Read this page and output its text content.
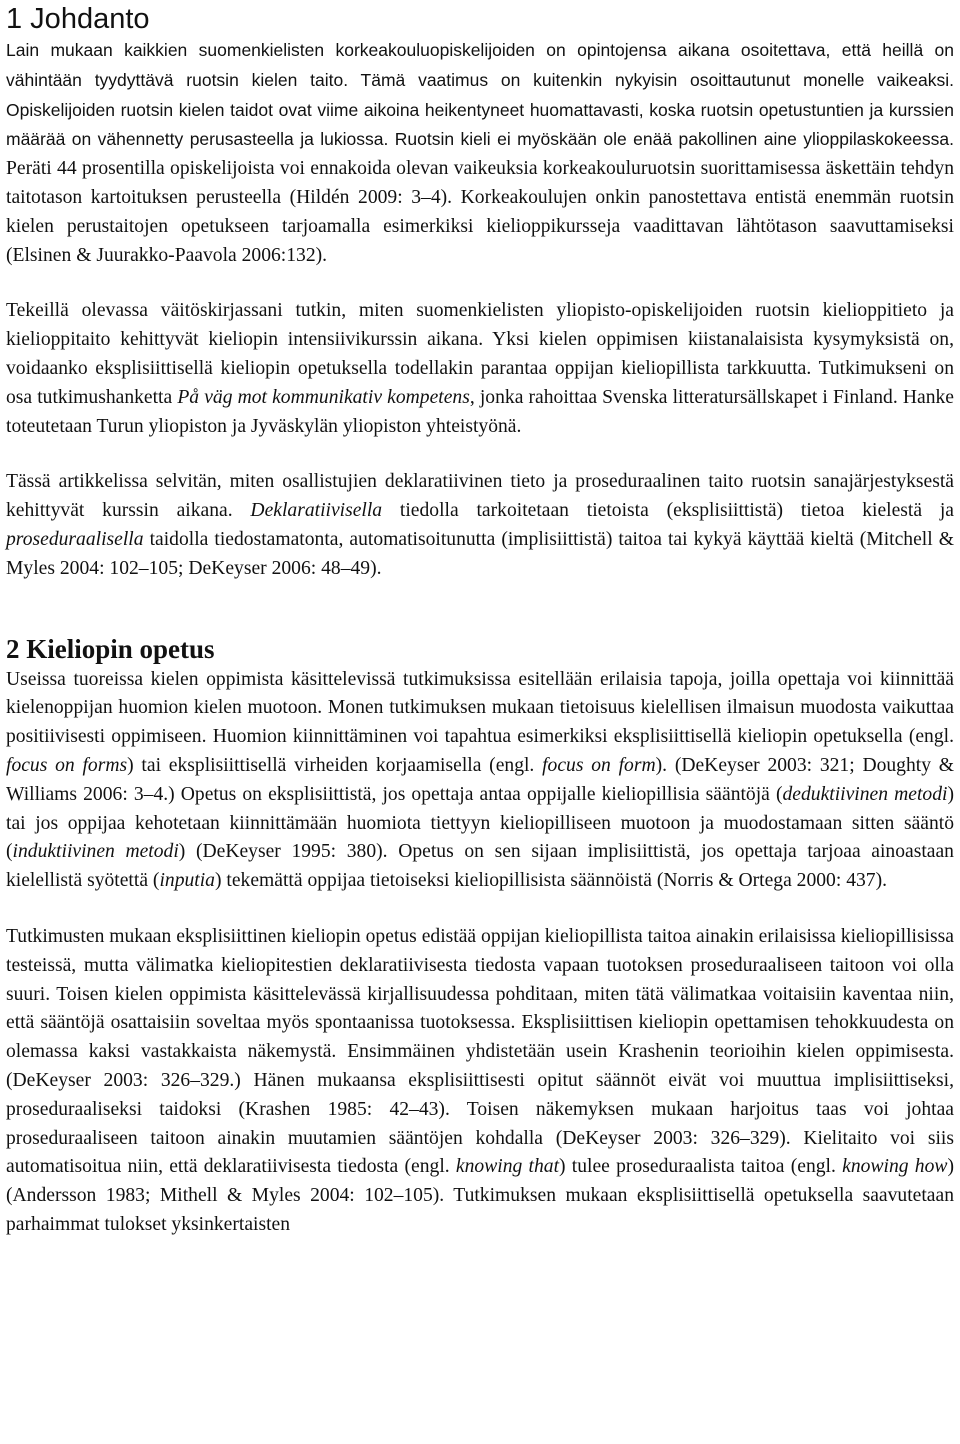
1 Johdanto

Lain mukaan kaikkien suomenkielisten korkeakouluopiskelijoiden on opintojensa aikana osoitettava, että heillä on vähintään tyydyttävä ruotsin kielen taito. Tämä vaatimus on kuitenkin nykyisin osoittautunut monelle vaikeaksi. Opiskelijoiden ruotsin kielen taidot ovat viime aikoina heikentyneet huomattavasti, koska ruotsin opetustuntien ja kurssien määrää on vähennetty perusasteella ja lukiossa. Ruotsin kieli ei myöskään ole enää pakollinen aine ylioppilaskokeessa. Peräti 44 prosentilla opiskelijoista voi ennakoida olevan vaikeuksia korkeakouluruotsin suorittamisessa äskettäin tehdyn taitotason kartoituksen perusteella (Hildén 2009: 3–4). Korkeakoulujen onkin panostettava entistä enemmän ruotsin kielen perustaitojen opetukseen tarjoamalla esimerkiksi kielioppikursseja vaadittavan lähtötason saavuttamiseksi (Elsinen & Juurakko-Paavola 2006:132).

Tekeillä olevassa väitöskirjassani tutkin, miten suomenkielisten yliopisto-opiskelijoiden ruotsin kielioppitieto ja kielioppitaito kehittyvät kieliopin intensiivikurssin aikana. Yksi kielen oppimisen kiistanalaisista kysymyksistä on, voidaanko eksplisiittisellä kieliopin opetuksella todellakin parantaa oppijan kieliopillista tarkkuutta. Tutkimukseni on osa tutkimushanketta På väg mot kommunikativ kompetens, jonka rahoittaa Svenska litteratursällskapet i Finland. Hanke toteutetaan Turun yliopiston ja Jyväskylän yliopiston yhteistyönä.

Tässä artikkelissa selvitän, miten osallistujien deklaratiivinen tieto ja proseduraalinen taito ruotsin sanajärjestyksestä kehittyvät kurssin aikana. Deklaratiivisella tiedolla tarkoitetaan tietoista (eksplisiittistä) tietoa kielestä ja proseduraalisella taidolla tiedostamatonta, automatisoitunutta (implisiittistä) taitoa tai kykyä käyttää kieltä (Mitchell & Myles 2004: 102–105; DeKeyser 2006: 48–49).

2 Kieliopin opetus

Useissa tuoreissa kielen oppimista käsittelevissä tutkimuksissa esitellään erilaisia tapoja, joilla opettaja voi kiinnittää kielenoppijan huomion kielen muotoon. Monen tutkimuksen mukaan tietoisuus kielellisen ilmaisun muodosta vaikuttaa positiivisesti oppimiseen. Huomion kiinnittäminen voi tapahtua esimerkiksi eksplisiittisellä kieliopin opetuksella (engl. focus on forms) tai eksplisiittisellä virheiden korjaamisella (engl. focus on form). (DeKeyser 2003: 321; Doughty & Williams 2006: 3–4.) Opetus on eksplisiittistä, jos opettaja antaa oppijalle kieliopillisia sääntöjä (deduktiivinen metodi) tai jos oppijaa kehotetaan kiinnittämään huomiota tiettyyn kieliopilliseen muotoon ja muodostamaan sitten sääntö (induktiivinen metodi) (DeKeyser 1995: 380). Opetus on sen sijaan implisiittistä, jos opettaja tarjoaa ainoastaan kielellistä syötettä (inputia) tekemättä oppijaa tietoiseksi kieliopillisista säännöistä (Norris & Ortega 2000: 437).

Tutkimusten mukaan eksplisiittinen kieliopin opetus edistää oppijan kieliopillista taitoa ainakin erilaisissa kieliopillisissa testeissä, mutta välimatka kieliopitestien deklaratiivisesta tiedosta vapaan tuotoksen proseduraaliseen taitoon voi olla suuri. Toisen kielen oppimista käsittelevässä kirjallisuudessa pohditaan, miten tätä välimatkaa voitaisiin kaventaa niin, että sääntöjä osattaisiin soveltaa myös spontaanissa tuotoksessa. Eksplisiittisen kieliopin opettamisen tehokkuudesta on olemassa kaksi vastakkaista näkemystä. Ensimmäinen yhdistetään usein Krashenin teorioihin kielen oppimisesta. (DeKeyser 2003: 326–329.) Hänen mukaansa eksplisiittisesti opitut säännöt eivät voi muuttua implisiittiseksi, proseduraaliseksi taidoksi (Krashen 1985: 42–43). Toisen näkemyksen mukaan harjoitus taas voi johtaa proseduraaliseen taitoon ainakin muutamien sääntöjen kohdalla (DeKeyser 2003: 326–329). Kielitaito voi siis automatisoitua niin, että deklaratiivisesta tiedosta (engl. knowing that) tulee proseduraalista taitoa (engl. knowing how) (Andersson 1983; Mithell & Myles 2004: 102–105). Tutkimuksen mukaan eksplisiittisellä opetuksella saavutetaan parhaimmat tulokset yksinkertaisten
